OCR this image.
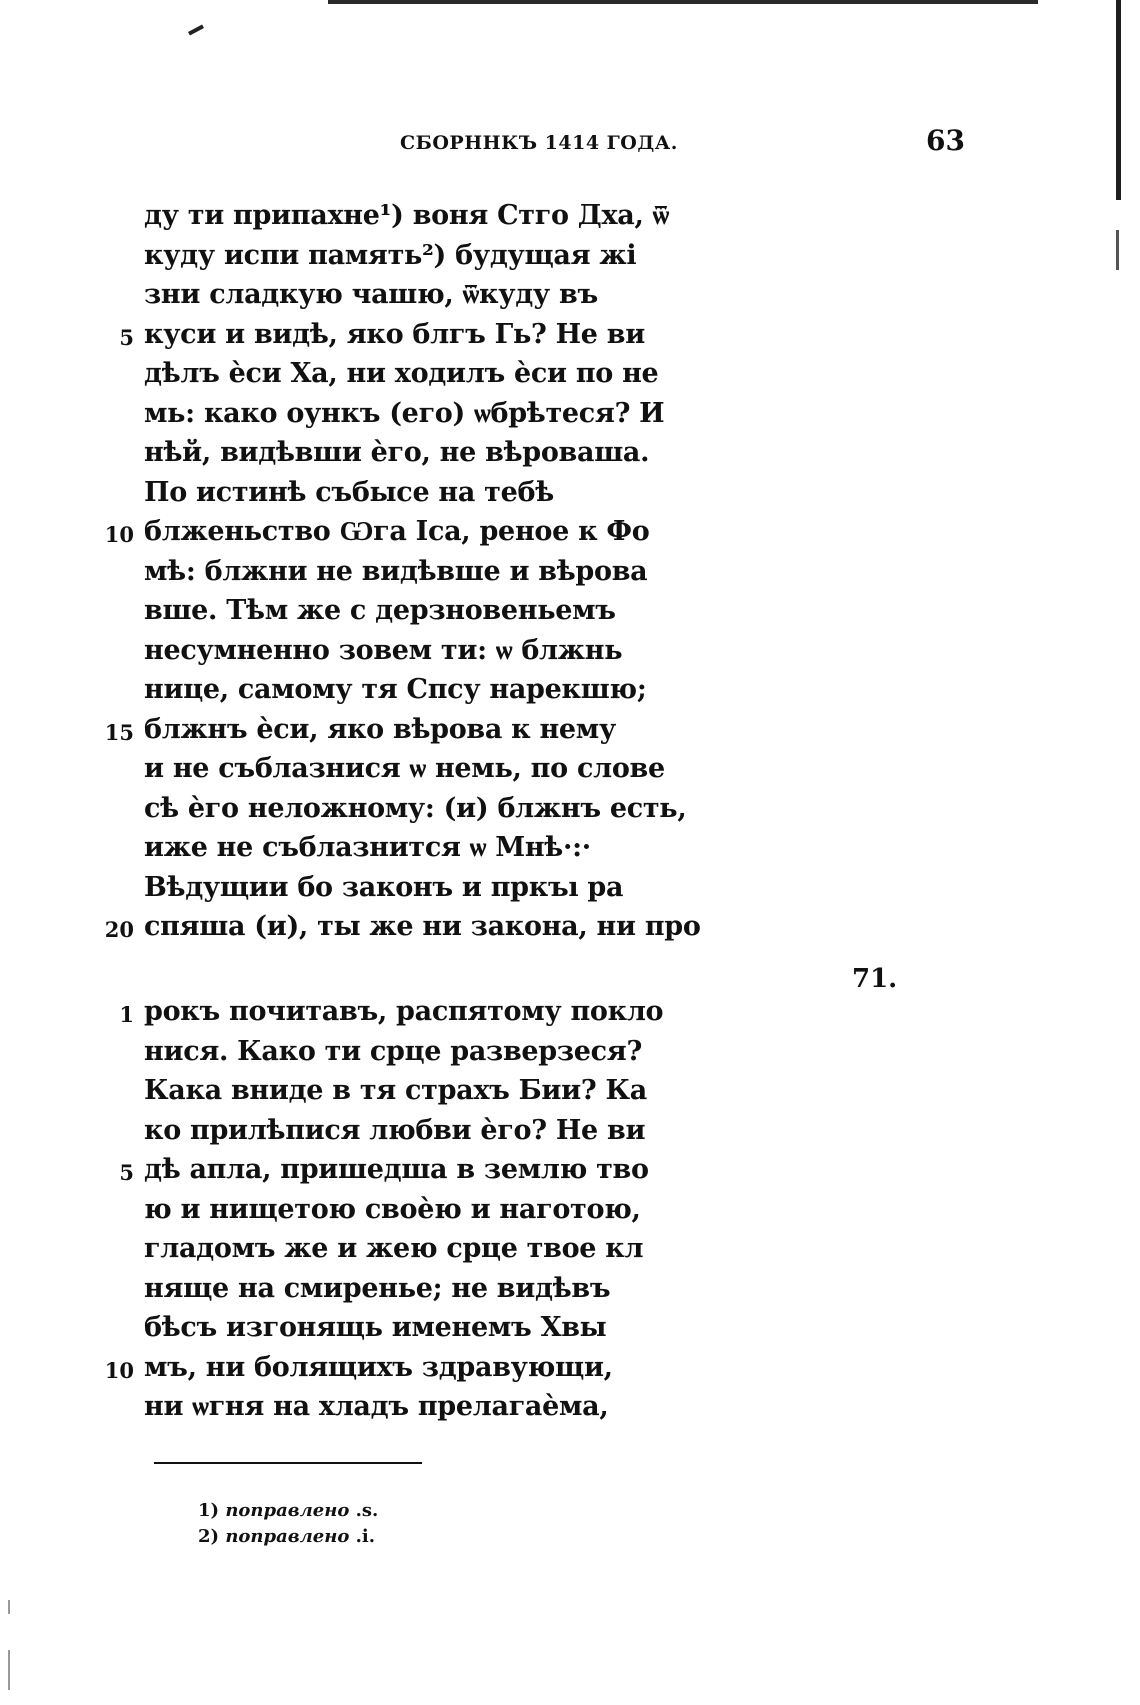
СБОРННКЪ 1414 ГОДА.	63
ду ти припахне¹) воня Стго Дха, ѿ
куду испи память²) будущая жі
зни сладкую чашю, ѿкуду въ
куси и видѣ, яко блгъ Гь? Не ви
5
дѣлъ ѐси Ха, ни ходилъ ѐси по не
мь: како оункъ (его) ѡбрѣтеся? И
нѣй, видѣвши ѐго, не вѣроваша.
По истинѣ събысе на тебѣ
блженьство Ѡга Іса, реное к Фо
10
мѣ: блжни не видѣвше и вѣрова
вше. Тѣм же с дерзновеньемъ
несумненно зовем ти: ѡ блжнь
нице, самому тя Спсу нарекшю;
блжнъ ѐси, яко вѣрова к нему
15
и не съблазнися ѡ немь, по слове
сѣ ѐго нелoжному: (и) блжнъ есть,
иже не съблазнится ѡ Мнѣ·:·
Вѣдущии бо законъ и пркъı ра
спяша (и), ты же ни закона, ни про
20
71.
рокъ почитавъ, распятому покло
1
нися. Како ти срце разверзеся?
Кака вниде в тя страхъ Бии? Ка
ко прилѣпися любви ѐго? Не ви
дѣ апла, пришедша в землю тво
5
ю и нищетою своѐю и наготою,
гладомъ же и жею срце твое кл
няще на смиренье; не видѣвъ
бѣсъ изгонящь именемъ Хвы
мъ, ни болящихъ здравующи,
10
ни ѡгня на хладъ прелагаѐма,
1) поправлено .ѕ.
2) поправлено .і.
